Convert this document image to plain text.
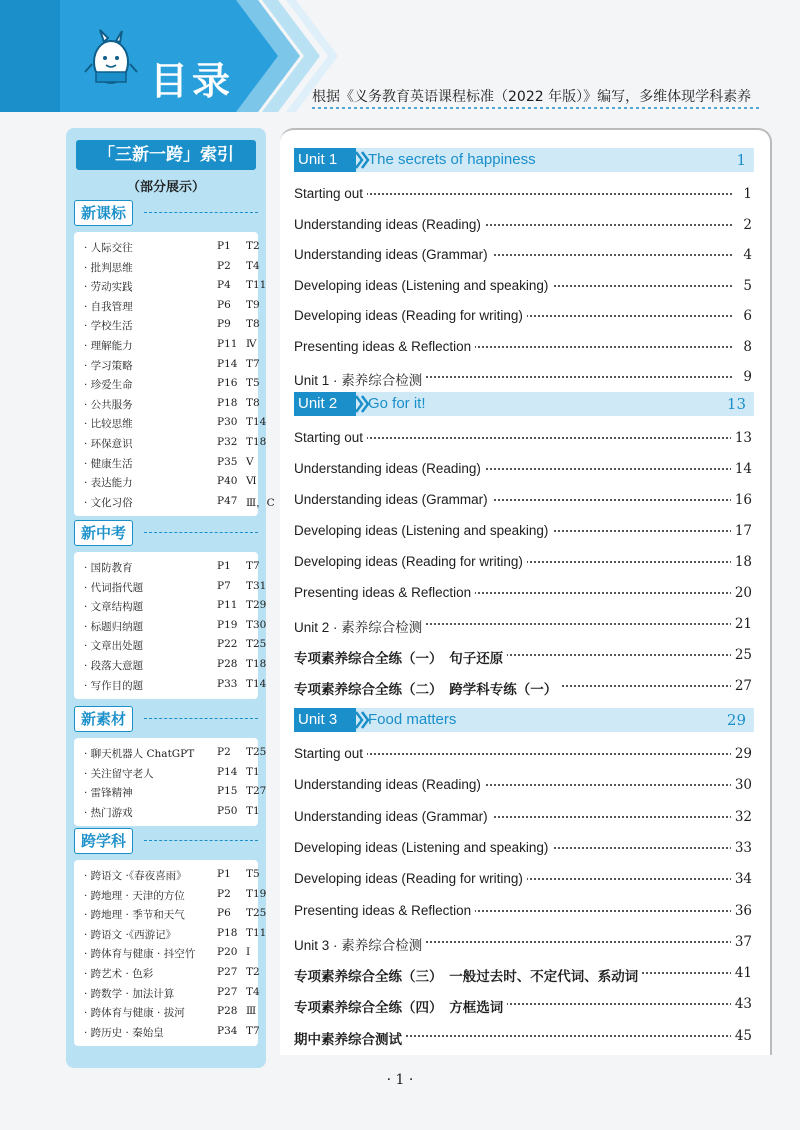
目录	根据《义务教育英语课程标准（2022 年版）》编写，多维体现学科素养
「三新一跨」索引
（部分展示）
新课标
· 人际交往	P1 T2
· 批判思维	P2 T4
· 劳动实践	P4 T11
· 自我管理	P6 T9
· 学校生活	P9 T8
· 理解能力	P11 Ⅳ
· 学习策略	P14 T7
· 珍爱生命	P16 T5
· 公共服务	P18 T8
· 比较思维	P30 T14
· 环保意识	P32 T18
· 健康生活	P35 Ⅴ
· 表达能力	P40 Ⅵ
· 文化习俗	P47 Ⅲ，C
新中考
· 国防教育	P1 T7
· 代词指代题	P7 T31
· 文章结构题	P11 T29
· 标题归纳题	P19 T30
· 文章出处题	P22 T25
· 段落大意题	P28 T18
· 写作目的题	P33 T14
新素材
· 聊天机器人 ChatGPT P2 T25
· 关注留守老人	P14 T1
· 雷锋精神	P15 T27
· 热门游戏	P50 T1
跨学科
· 跨语文 ·《春夜喜雨》	P1 T5
· 跨地理 · 天津的方位	P2 T19
· 跨地理 · 季节和天气	P6 T25
· 跨语文 ·《西游记》	P18 T11
· 跨体育与健康 · 抖空竹 P20 Ⅰ
· 跨艺术 · 色彩	P27 T2
· 跨数学 · 加法计算	P27 T4
· 跨体育与健康 · 拔河	P28 Ⅲ
· 跨历史 · 秦始皇	P34 T7
Unit 1	The secrets of happiness	1
Starting out	1
Understanding ideas (Reading)	2
Understanding ideas (Grammar)	4
Developing ideas (Listening and speaking)	5
Developing ideas (Reading for writing)	6
Presenting ideas & Reflection	8
Unit 1 · 素养综合检测	9
Unit 2	Go for it!	13
Starting out	13
Understanding ideas (Reading)	14
Understanding ideas (Grammar)	16
Developing ideas (Listening and speaking)	17
Developing ideas (Reading for writing)	18
Presenting ideas & Reflection	20
Unit 2 · 素养综合检测	21
专项素养综合全练（一）　句子还原	25
专项素养综合全练（二）　跨学科专练（一）	27
Unit 3	Food matters	29
Starting out	29
Understanding ideas (Reading)	30
Understanding ideas (Grammar)	32
Developing ideas (Listening and speaking)	33
Developing ideas (Reading for writing)	34
Presenting ideas & Reflection	36
Unit 3 · 素养综合检测	37
专项素养综合全练（三）　一般过去时、不定代词、系动词	41
专项素养综合全练（四）　方框选词	43
期中素养综合测试	45
· 1 ·
